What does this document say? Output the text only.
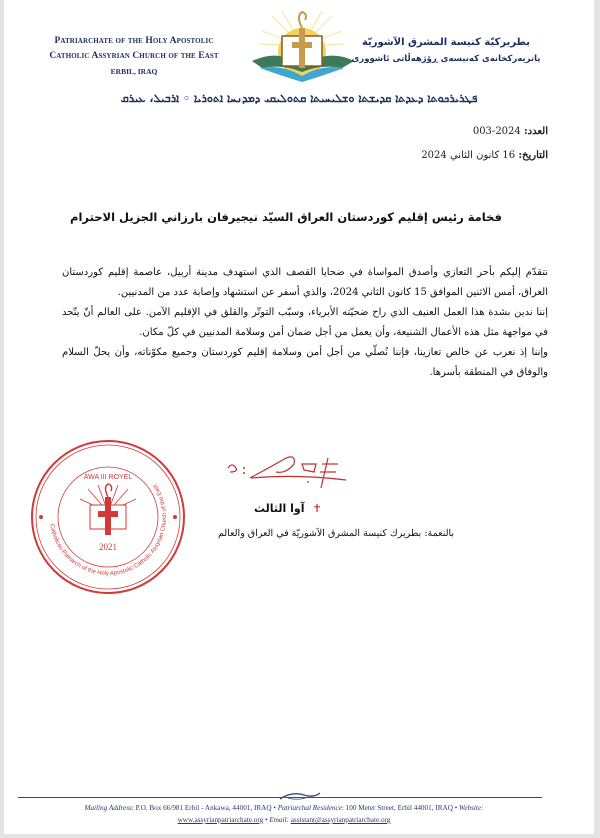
Patriarchate of the Holy Apostolic
Catholic Assyrian Church of the East
ERBIL, IRAQ
بطريركيّة كنيسة المشرق الآشوريّة
پاتریەرکخانەی کەنیسەی ڕۆژھەڵاتی ئاشووری
ܦܛܪܝܪܟܘܬܐ ܕܥܕܬܐ ܩܕܝܫܬܐ ܘܫܠܝܚܝܬܐ ܩܬܘܠܝܩܝ ܕܡܕܢܚܐ ܐܬܘܪܝܐ ◦ ܐܪܒܝܠ، ܥܝܪܩ
العدد: 2024-003
التاريخ: 16 كانون الثاني 2024
فخامة رئيس إقليم كوردستان العراق السيّد نيجيرفان بارزاني الجزيل الاحترام

نتقدّم إليكم بأحر التعازي وأصدق المواساة في ضحايا القصف الذي استهدف مدينة أربيل، عاصمة إقليم كوردستان العراق، أمس الاثنين الموافق 15 كانون الثاني 2024، والذي أسفر عن استشهاد وإصابة عدد من المدنيين.

إننا ندين بشدة هذا العمل العنيف الذي راح ضحيّته الأبرياء، وسبّب التوتّر والقلق في الإقليم الآمن. على العالم أنّ يتّحد في مواجهة مثل هذه الأعمال الشنيعة، وأن يعمل من أجل ضمان أمن وسلامة المدنيين في كلّ مكان.

وإننا إذ نعرب عن خالص تعازينا، فإننا نُصلّي من أجل أمن وسلامة إقليم كوردستان وجميع مكوّناته، وأن يحلّ السلام والوفاق في المنطقة بأسرها.

Catholicos-Patriarch of the Holy Apostolic Catholic Assyrian Church of the East
AWA III ROYEL
2021
✝ آوا الثالث
بالنعمة: بطريرك كنيسة المشرق الآشوريّة في العراق والعالم
Mailing Address: P.O. Box 66/981 Erbil - Ankawa, 44001, IRAQ • Patriarchal Residence: 100 Meter Street, Erbil 44001, IRAQ • Website:
www.assyrianpatriarchate.org • Email: assistant@assyrianpatriarchate.org
